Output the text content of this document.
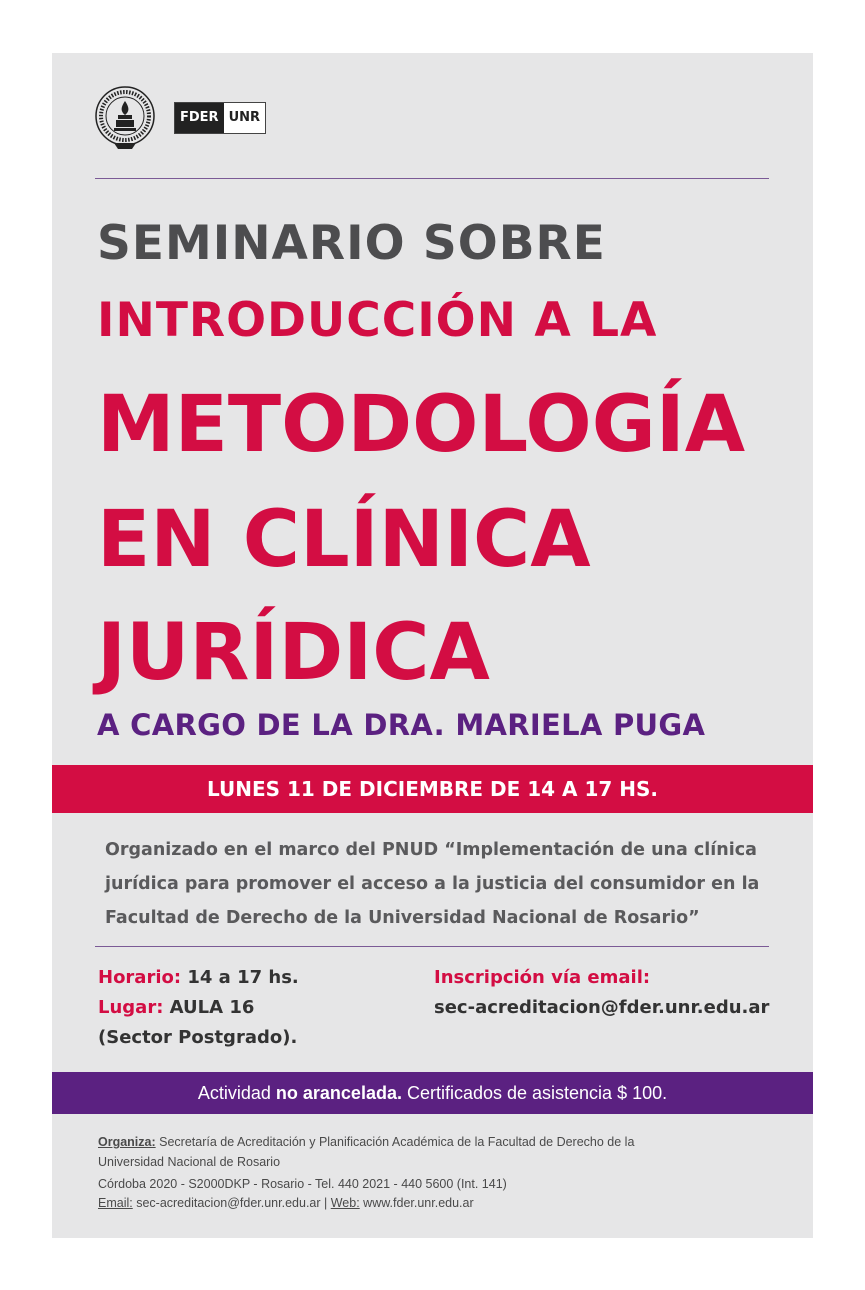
FDER UNR
SEMINARIO SOBRE
INTRODUCCIÓN A LA
METODOLOGÍA
EN CLÍNICA
JURÍDICA
A CARGO DE LA DRA. MARIELA PUGA
LUNES 11 DE DICIEMBRE DE 14 A 17 HS.
Organizado en el marco del PNUD “Implementación de una clínica
jurídica para promover el acceso a la justicia del consumidor en la
Facultad de Derecho de la Universidad Nacional de Rosario”
Horario: 14 a 17 hs.
Lugar: AULA 16
(Sector Postgrado).
Inscripción vía email:
sec-acreditacion@fder.unr.edu.ar
Actividad no arancelada. Certificados de asistencia $ 100.
Organiza: Secretaría de Acreditación y Planificación Académica de la Facultad de Derecho de la
Universidad Nacional de Rosario
Córdoba 2020 - S2000DKP - Rosario - Tel. 440 2021 - 440 5600 (Int. 141)
Email: sec-acreditacion@fder.unr.edu.ar | Web: www.fder.unr.edu.ar
